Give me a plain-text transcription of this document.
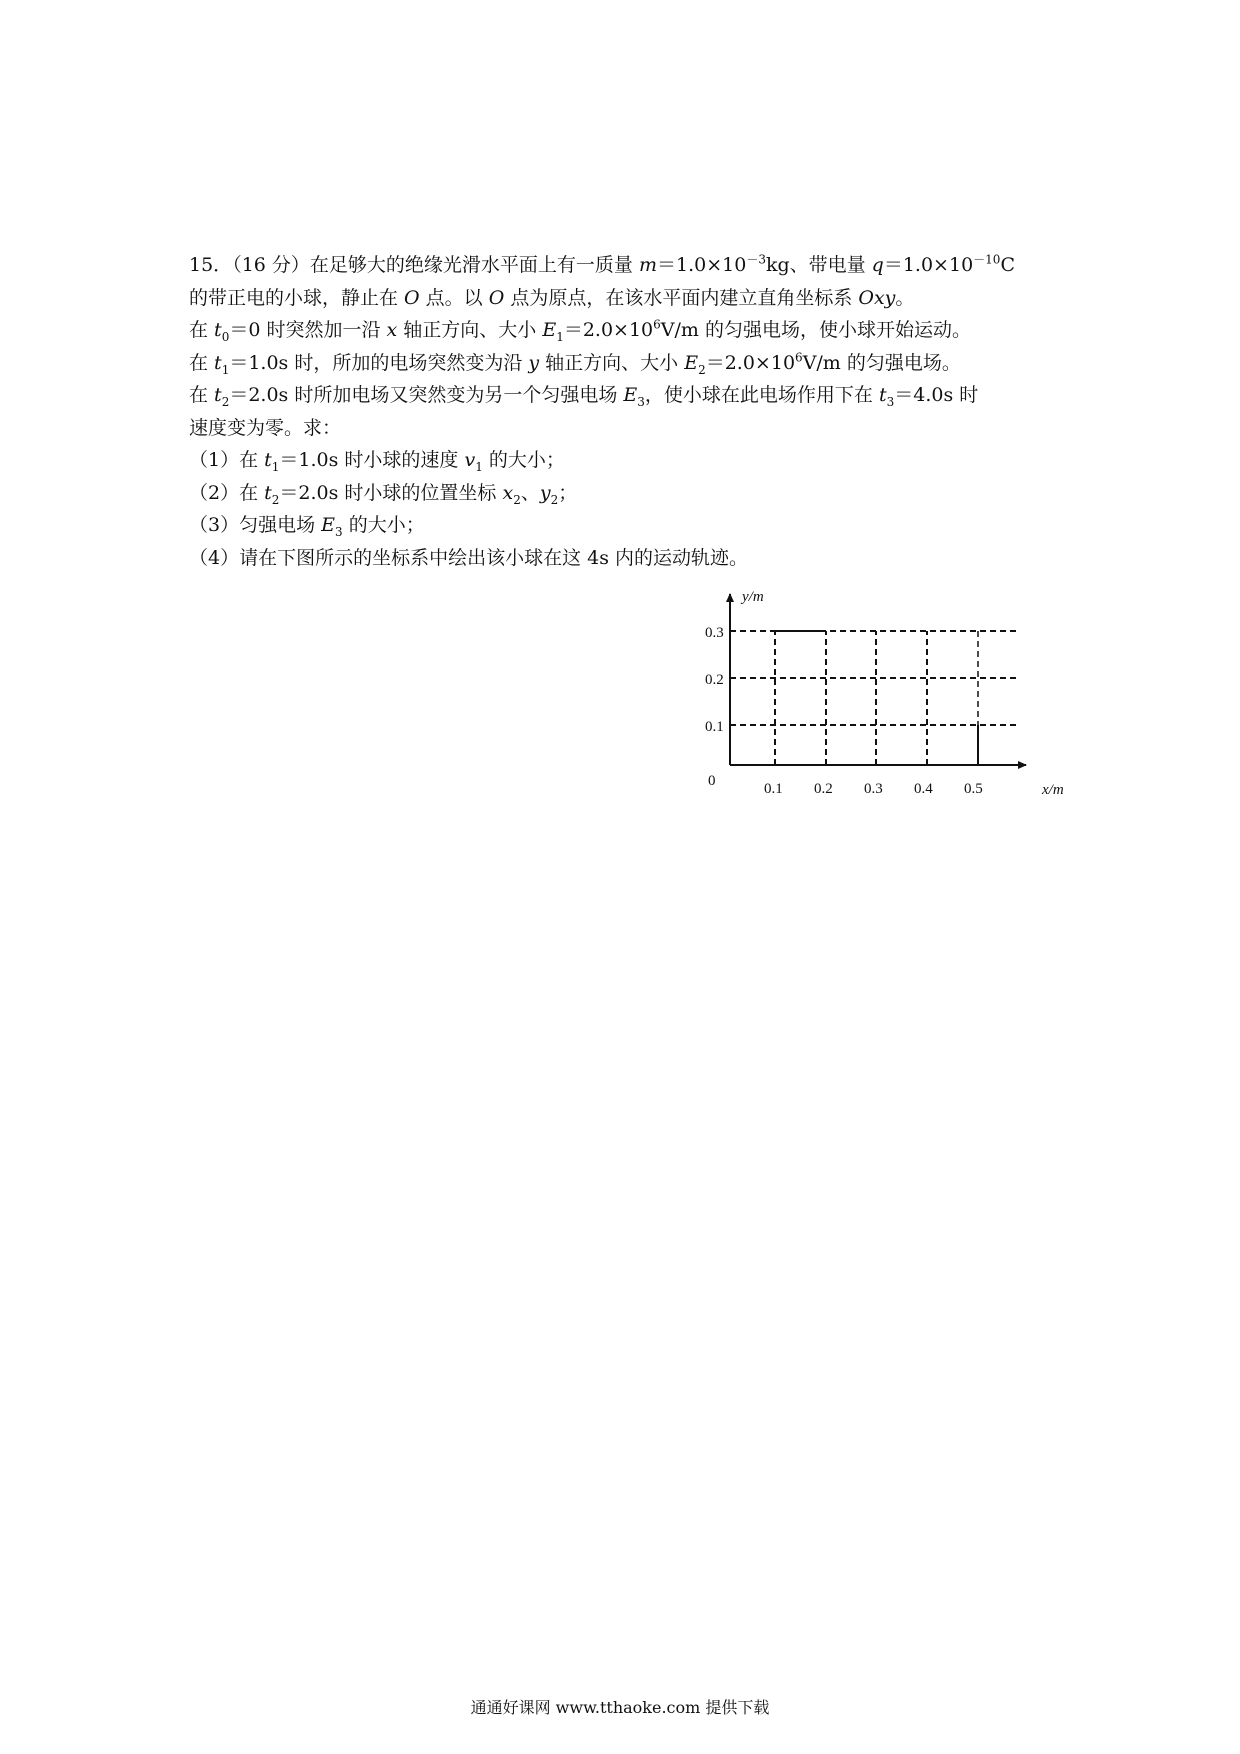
15．（16 分）在足够大的绝缘光滑水平面上有一质量 $m=1.0\times 10^{-3}kg$、带电量 $q=1.0\times 10^{-10}C$
的带正电的小球，静止在 O 点。以 O 点为原点，在该水平面内建立直角坐标系 Oxy。
在 $t_0=0$ 时突然加一沿 x 轴正方向、大小 $E_1=2.0\times 10^6V/m$ 的匀强电场，使小球开始运动。
在 $t_1=1.0s$ 时，所加的电场突然变为沿 y 轴正方向、大小 $E_2=2.0\times 10^6V/m$ 的匀强电场。
在 $t_2=2.0s$ 时所加电场又突然变为另一个匀强电场 $E_3$，使小球在此电场作用下在 $t_3=4.0s$ 时
速度变为零。求：
（1）在 $t_1=1.0s$ 时小球的速度 $v_1$ 的大小；
（2）在 $t_2=2.0s$ 时小球的位置坐标 $x_2$、$y_2$；
（3）匀强电场 $E_3$ 的大小；
（4）请在下图所示的坐标系中绘出该小球在这 4s 内的运动轨迹。
y/m
x/m
0
0.1
0.2
0.3
0.1 0.2 0.3 0.4 0.5
通通好课网 www.tthaoke.com 提供下载
